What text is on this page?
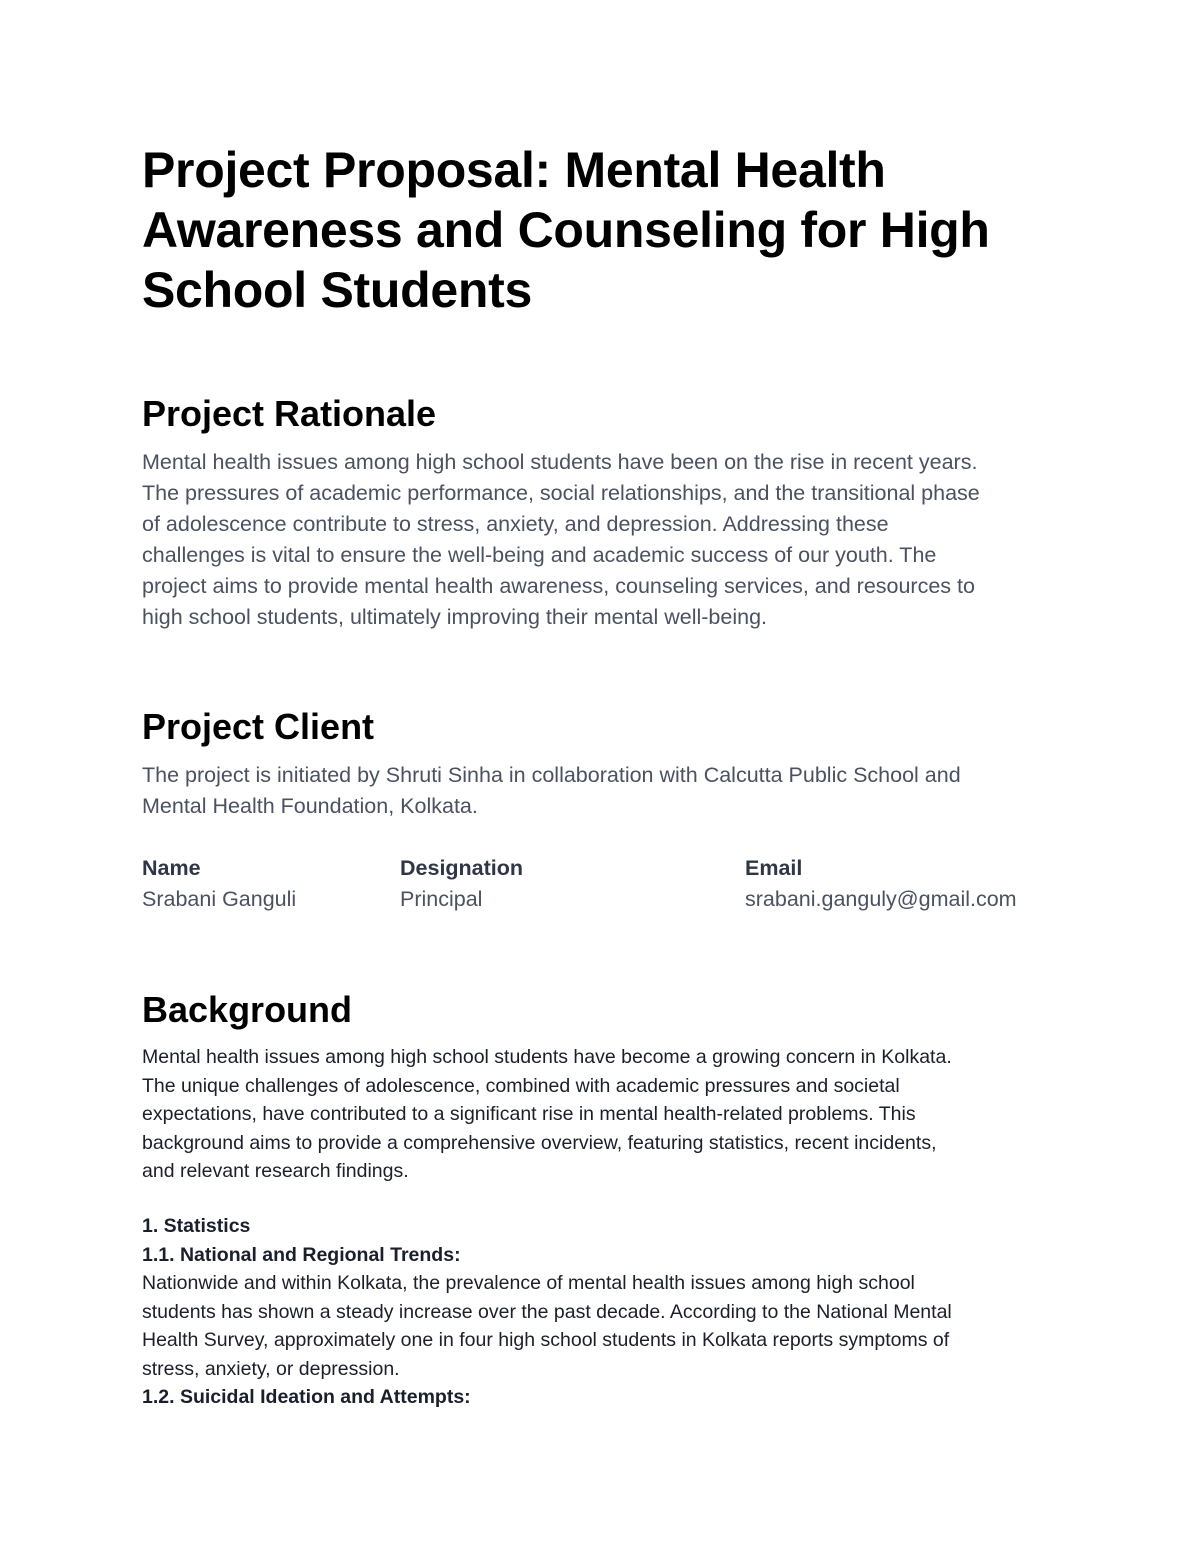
Project Proposal: Mental Health
Awareness and Counseling for High
School Students
Project Rationale
Mental health issues among high school students have been on the rise in recent years.
The pressures of academic performance, social relationships, and the transitional phase
of adolescence contribute to stress, anxiety, and depression. Addressing these
challenges is vital to ensure the well-being and academic success of our youth. The
project aims to provide mental health awareness, counseling services, and resources to
high school students, ultimately improving their mental well-being.
Project Client
The project is initiated by Shruti Sinha in collaboration with Calcutta Public School and
Mental Health Foundation, Kolkata.
Name
Srabani Ganguli
Designation
Principal
Email
srabani.ganguly@gmail.com
Background
Mental health issues among high school students have become a growing concern in Kolkata.
The unique challenges of adolescence, combined with academic pressures and societal
expectations, have contributed to a significant rise in mental health-related problems. This
background aims to provide a comprehensive overview, featuring statistics, recent incidents,
and relevant research findings.
1. Statistics
1.1. National and Regional Trends:
Nationwide and within Kolkata, the prevalence of mental health issues among high school
students has shown a steady increase over the past decade. According to the National Mental
Health Survey, approximately one in four high school students in Kolkata reports symptoms of
stress, anxiety, or depression.
1.2. Suicidal Ideation and Attempts:
